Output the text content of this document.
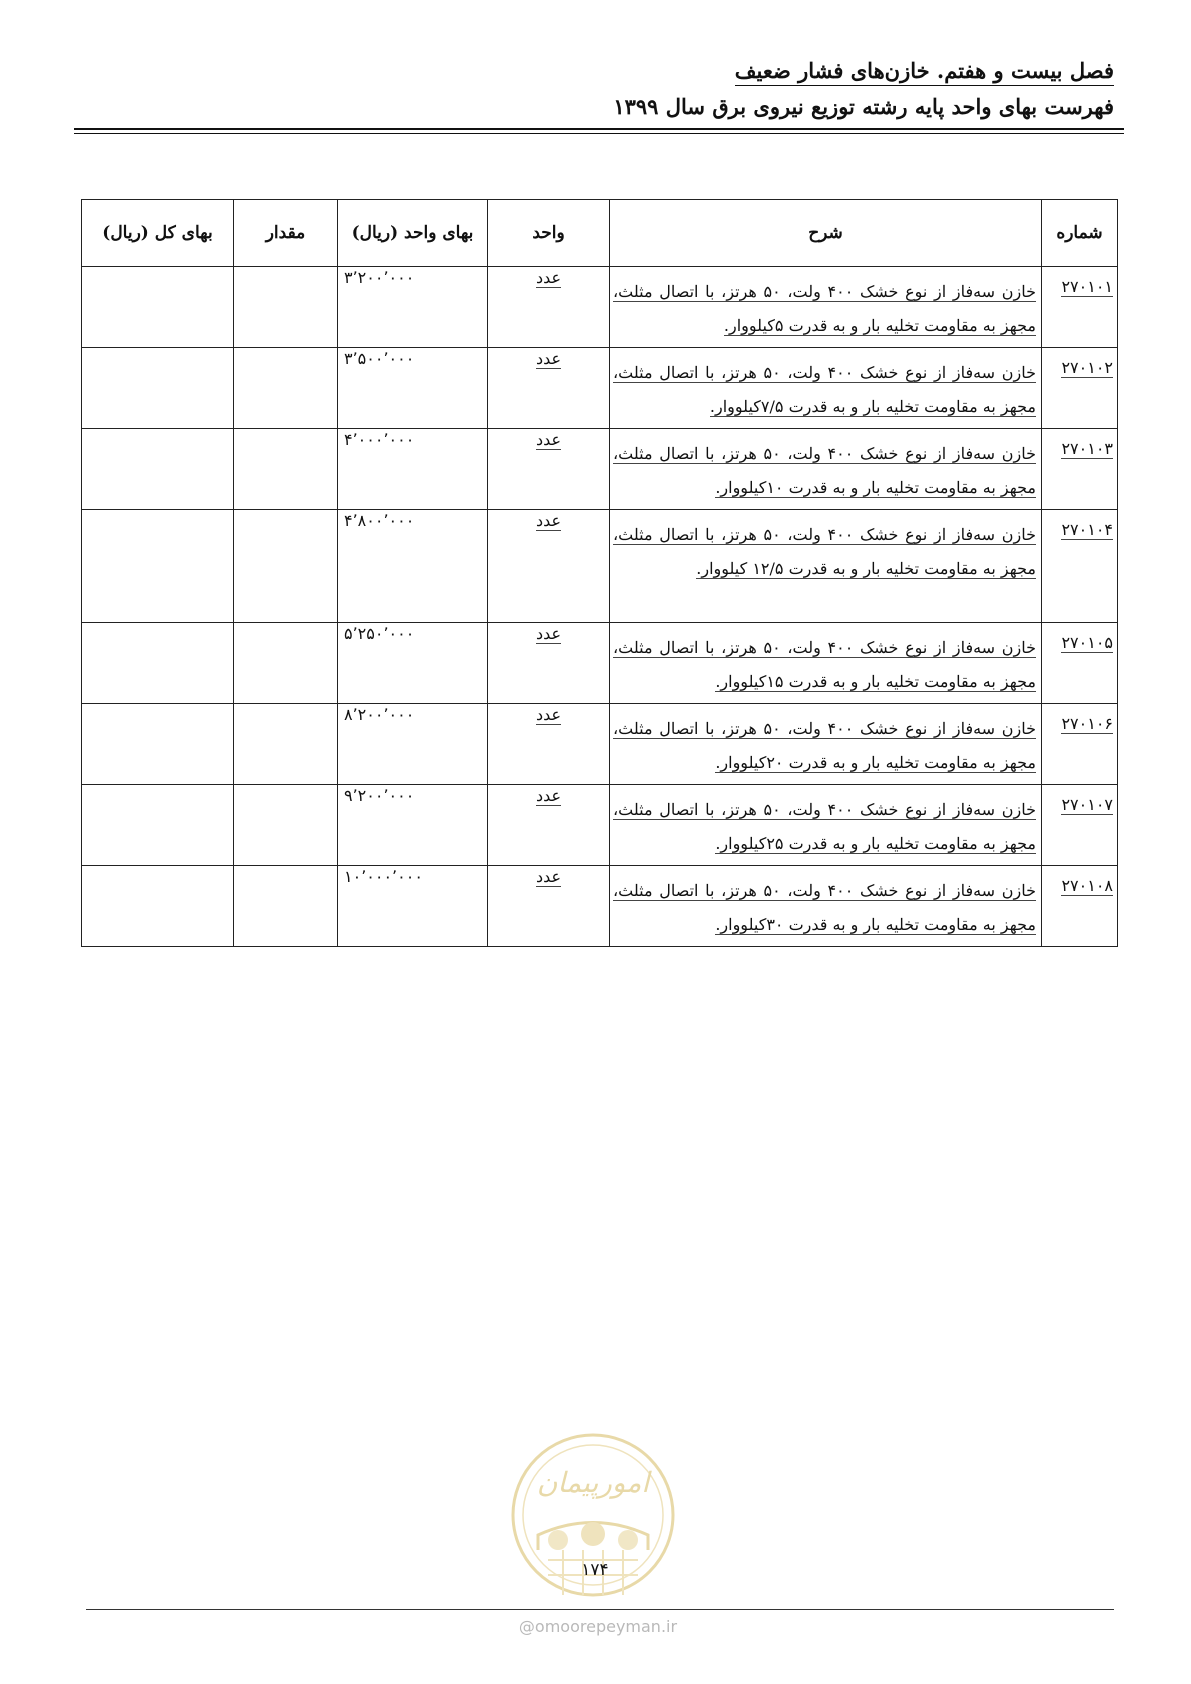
فصل بیست و هفتم. خازن‌های فشار ضعیف
فهرست بهای واحد پایه رشته توزیع نیروی برق سال ۱۳۹۹
شماره	شرح	واحد	بهای واحد (ریال)	مقدار	بهای کل (ریال)
۲۷۰۱۰۱	خازن سه‌فاز از نوع خشک ۴۰۰ ولت، ۵۰ هرتز، با اتصال مثلث، مجهز به مقاومت تخلیه بار و به قدرت ۵کیلووار.	عدد	۳٬۲۰۰٬۰۰۰		
۲۷۰۱۰۲	خازن سه‌فاز از نوع خشک ۴۰۰ ولت، ۵۰ هرتز، با اتصال مثلث، مجهز به مقاومت تخلیه بار و به قدرت ۷/۵کیلووار.	عدد	۳٬۵۰۰٬۰۰۰		
۲۷۰۱۰۳	خازن سه‌فاز از نوع خشک ۴۰۰ ولت، ۵۰ هرتز، با اتصال مثلث، مجهز به مقاومت تخلیه بار و به قدرت ۱۰کیلووار.	عدد	۴٬۰۰۰٬۰۰۰		
۲۷۰۱۰۴	خازن سه‌فاز از نوع خشک ۴۰۰ ولت، ۵۰ هرتز، با اتصال مثلث، مجهز به مقاومت تخلیه بار و به قدرت ۱۲/۵ کیلووار.	عدد	۴٬۸۰۰٬۰۰۰		
۲۷۰۱۰۵	خازن سه‌فاز از نوع خشک ۴۰۰ ولت، ۵۰ هرتز، با اتصال مثلث، مجهز به مقاومت تخلیه بار و به قدرت ۱۵کیلووار.	عدد	۵٬۲۵۰٬۰۰۰		
۲۷۰۱۰۶	خازن سه‌فاز از نوع خشک ۴۰۰ ولت، ۵۰ هرتز، با اتصال مثلث، مجهز به مقاومت تخلیه بار و به قدرت ۲۰کیلووار.	عدد	۸٬۲۰۰٬۰۰۰		
۲۷۰۱۰۷	خازن سه‌فاز از نوع خشک ۴۰۰ ولت، ۵۰ هرتز، با اتصال مثلث، مجهز به مقاومت تخلیه بار و به قدرت ۲۵کیلووار.	عدد	۹٬۲۰۰٬۰۰۰		
۲۷۰۱۰۸	خازن سه‌فاز از نوع خشک ۴۰۰ ولت، ۵۰ هرتز، با اتصال مثلث، مجهز به مقاومت تخلیه بار و به قدرت ۳۰کیلووار.	عدد	۱۰٬۰۰۰٬۰۰۰		
امورپیمان
۱۷۴
@omoorepeyman.ir
